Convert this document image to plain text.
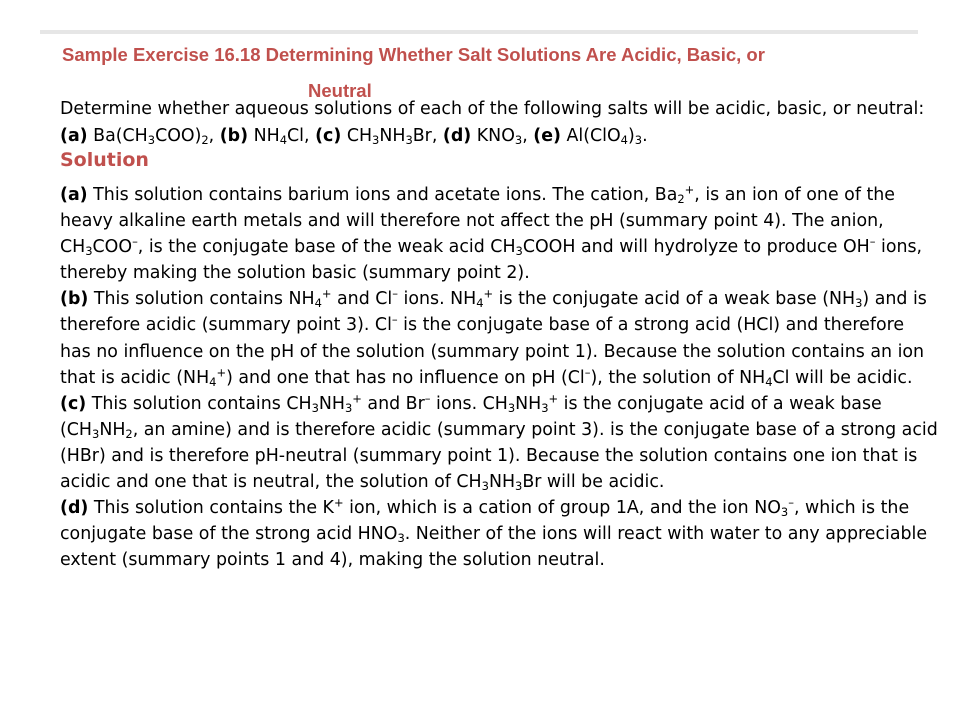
Sample Exercise 16.18 Determining Whether Salt Solutions Are Acidic, Basic, or
Neutral

Determine whether aqueous solutions of each of the following salts will be acidic, basic, or neutral: (a) $Ba(CH_3COO)_2$, (b) $NH_4Cl$, (c) $CH_3NH_3Br$, (d) $KNO_3$, (e) $Al(ClO_4)_3$.

Solution

(a) This solution contains barium ions and acetate ions. The cation, $Ba_2^+$, is an ion of one of the heavy alkaline earth metals and will therefore not affect the pH (summary point 4). The anion, $CH_3COO^-$, is the conjugate base of the weak acid $CH_3COOH$ and will hydrolyze to produce OH– ions, thereby making the solution basic (summary point 2).

(b) This solution contains $NH_4^+$ and Cl– ions. $NH_4^+$ is the conjugate acid of a weak base $(NH_3)$ and is therefore acidic (summary point 3). Cl– is the conjugate base of a strong acid (HCl) and therefore has no influence on the pH of the solution (summary point 1). Because the solution contains an ion that is acidic $(NH_4^+)$ and one that has no influence on pH (Cl–), the solution of $NH_4Cl$ will be acidic.

(c) This solution contains $CH_3NH_3^+$ and Br– ions. $CH_3NH_3^+$ is the conjugate acid of a weak base ($CH_3NH_2$, an amine) and is therefore acidic (summary point 3). is the conjugate base of a strong acid (HBr) and is therefore pH-neutral (summary point 1). Because the solution contains one ion that is acidic and one that is neutral, the solution of $CH_3NH_3Br$ will be acidic.

(d) This solution contains the K+ ion, which is a cation of group 1A, and the ion $NO_3^-$, which is the conjugate base of the strong acid $HNO_3$. Neither of the ions will react with water to any appreciable extent (summary points 1 and 4), making the solution neutral.
